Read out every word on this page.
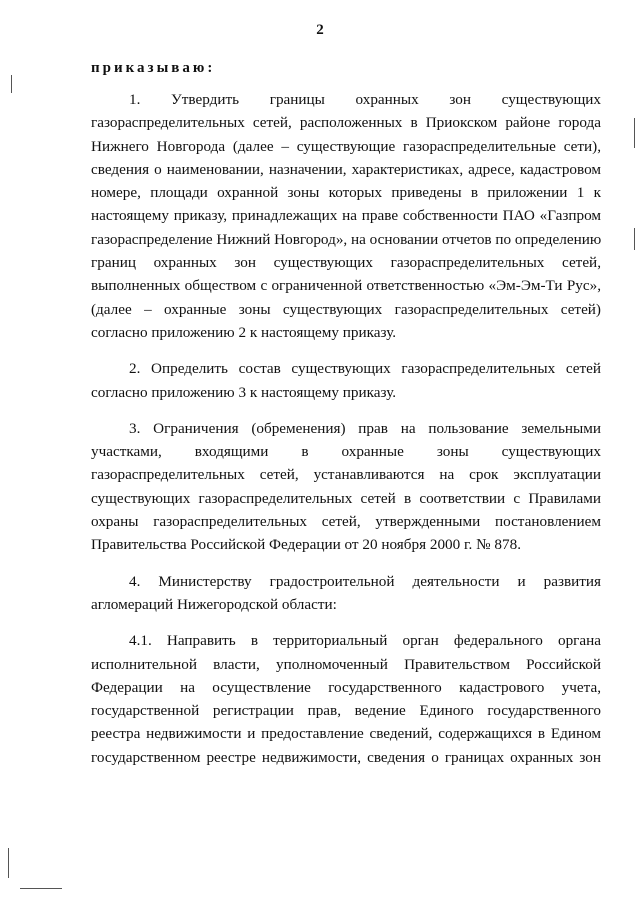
2
приказываю:
1. Утвердить границы охранных зон существующих
газораспределительных сетей, расположенных в Приокском районе города
Нижнего Новгорода (далее – существующие газораспределительные сети),
сведения о наименовании, назначении, характеристиках, адресе, кадастровом
номере, площади охранной зоны которых приведены в приложении 1 к
настоящему приказу, принадлежащих на праве собственности ПАО «Газпром
газораспределение Нижний Новгород», на основании отчетов по определению
границ охранных зон существующих газораспределительных сетей,
выполненных обществом с ограниченной ответственностью «Эм-Эм-Ти Рус»,
(далее – охранные зоны существующих газораспределительных сетей)
согласно приложению 2 к настоящему приказу.
2. Определить состав существующих газораспределительных сетей
согласно приложению 3 к настоящему приказу.
3. Ограничения (обременения) прав на пользование земельными
участками, входящими в охранные зоны существующих
газораспределительных сетей, устанавливаются на срок эксплуатации
существующих газораспределительных сетей в соответствии с Правилами
охраны газораспределительных сетей, утвержденными постановлением
Правительства Российской Федерации от 20 ноября 2000 г. № 878.
4. Министерству градостроительной деятельности и развития
агломераций Нижегородской области:
4.1. Направить в территориальный орган федерального органа
исполнительной власти, уполномоченный Правительством Российской
Федерации на осуществление государственного кадастрового учета,
государственной регистрации прав, ведение Единого государственного
реестра недвижимости и предоставление сведений, содержащихся в Едином
государственном реестре недвижимости, сведения о границах охранных зон
